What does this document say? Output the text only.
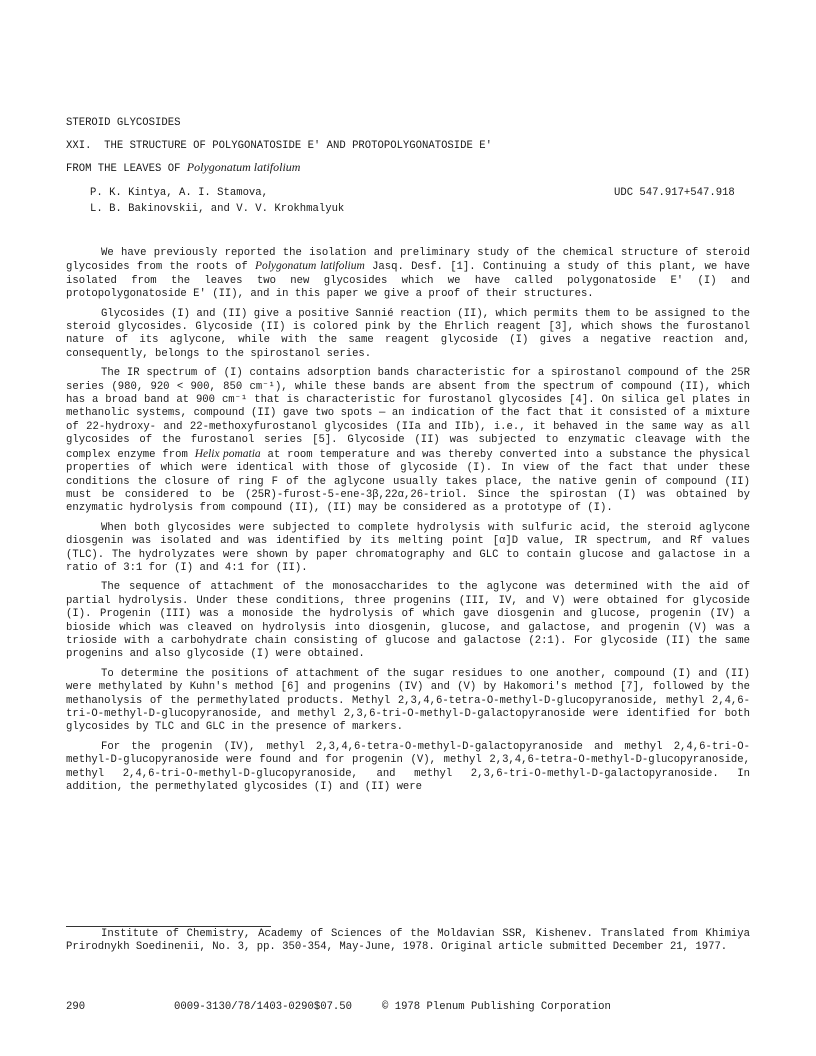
STEROID GLYCOSIDES
XXI.  THE STRUCTURE OF POLYGONATOSIDE E' AND PROTOPOLYGONATOSIDE E'
FROM THE LEAVES OF Polygonatum latifolium
P. K. Kintya, A. I. Stamova,
L. B. Bakinovskii, and V. V. Krokhmalyuk
UDC 547.917+547.918

We have previously reported the isolation and preliminary study of the chemical structure of steroid glycosides from the roots of Polygonatum latifolium Jasq. Desf. [1]. Continuing a study of this plant, we have isolated from the leaves two new glycosides which we have called polygonatoside E' (I) and protopolygonatoside E' (II), and in this paper we give a proof of their structures.

Glycosides (I) and (II) give a positive Sannié reaction (II), which permits them to be assigned to the steroid glycosides. Glycoside (II) is colored pink by the Ehrlich reagent [3], which shows the furostanol nature of its aglycone, while with the same reagent glycoside (I) gives a negative reaction and, consequently, belongs to the spirostanol series.

The IR spectrum of (I) contains adsorption bands characteristic for a spirostanol compound of the 25R series (980, 920 < 900, 850 cm⁻¹), while these bands are absent from the spectrum of compound (II), which has a broad band at 900 cm⁻¹ that is characteristic for furostanol glycosides [4]. On silica gel plates in methanolic systems, compound (II) gave two spots — an indication of the fact that it consisted of a mixture of 22-hydroxy- and 22-methoxyfurostanol glycosides (IIa and IIb), i.e., it behaved in the same way as all glycosides of the furostanol series [5]. Glycoside (II) was subjected to enzymatic cleavage with the complex enzyme from Helix pomatia at room temperature and was thereby converted into a substance the physical properties of which were identical with those of glycoside (I). In view of the fact that under these conditions the closure of ring F of the aglycone usually takes place, the native genin of compound (II) must be considered to be (25R)-furost-5-ene-3β,22α,26-triol. Since the spirostan (I) was obtained by enzymatic hydrolysis from compound (II), (II) may be considered as a prototype of (I).

When both glycosides were subjected to complete hydrolysis with sulfuric acid, the steroid aglycone diosgenin was isolated and was identified by its melting point [α]D value, IR spectrum, and Rf values (TLC). The hydrolyzates were shown by paper chromatography and GLC to contain glucose and galactose in a ratio of 3:1 for (I) and 4:1 for (II).

The sequence of attachment of the monosaccharides to the aglycone was determined with the aid of partial hydrolysis. Under these conditions, three progenins (III, IV, and V) were obtained for glycoside (I). Progenin (III) was a monoside the hydrolysis of which gave diosgenin and glucose, progenin (IV) a bioside which was cleaved on hydrolysis into diosgenin, glucose, and galactose, and progenin (V) was a trioside with a carbohydrate chain consisting of glucose and galactose (2:1). For glycoside (II) the same progenins and also glycoside (I) were obtained.

To determine the positions of attachment of the sugar residues to one another, compound (I) and (II) were methylated by Kuhn's method [6] and progenins (IV) and (V) by Hakomori's method [7], followed by the methanolysis of the permethylated products. Methyl 2,3,4,6-tetra-O-methyl-D-glucopyranoside, methyl 2,4,6-tri-O-methyl-D-glucopyranoside, and methyl 2,3,6-tri-O-methyl-D-galactopyranoside were identified for both glycosides by TLC and GLC in the presence of markers.

For the progenin (IV), methyl 2,3,4,6-tetra-O-methyl-D-galactopyranoside and methyl 2,4,6-tri-O-methyl-D-glucopyranoside were found and for progenin (V), methyl 2,3,4,6-tetra-O-methyl-D-glucopyranoside, methyl 2,4,6-tri-O-methyl-D-glucopyranoside, and methyl 2,3,6-tri-O-methyl-D-galactopyranoside. In addition, the permethylated glycosides (I) and (II) were

Institute of Chemistry, Academy of Sciences of the Moldavian SSR, Kishenev. Translated from Khimiya Prirodnykh Soedinenii, No. 3, pp. 350-354, May-June, 1978. Original article submitted December 21, 1977.
290	0009-3130/78/1403-0290$07.50	© 1978 Plenum Publishing Corporation
